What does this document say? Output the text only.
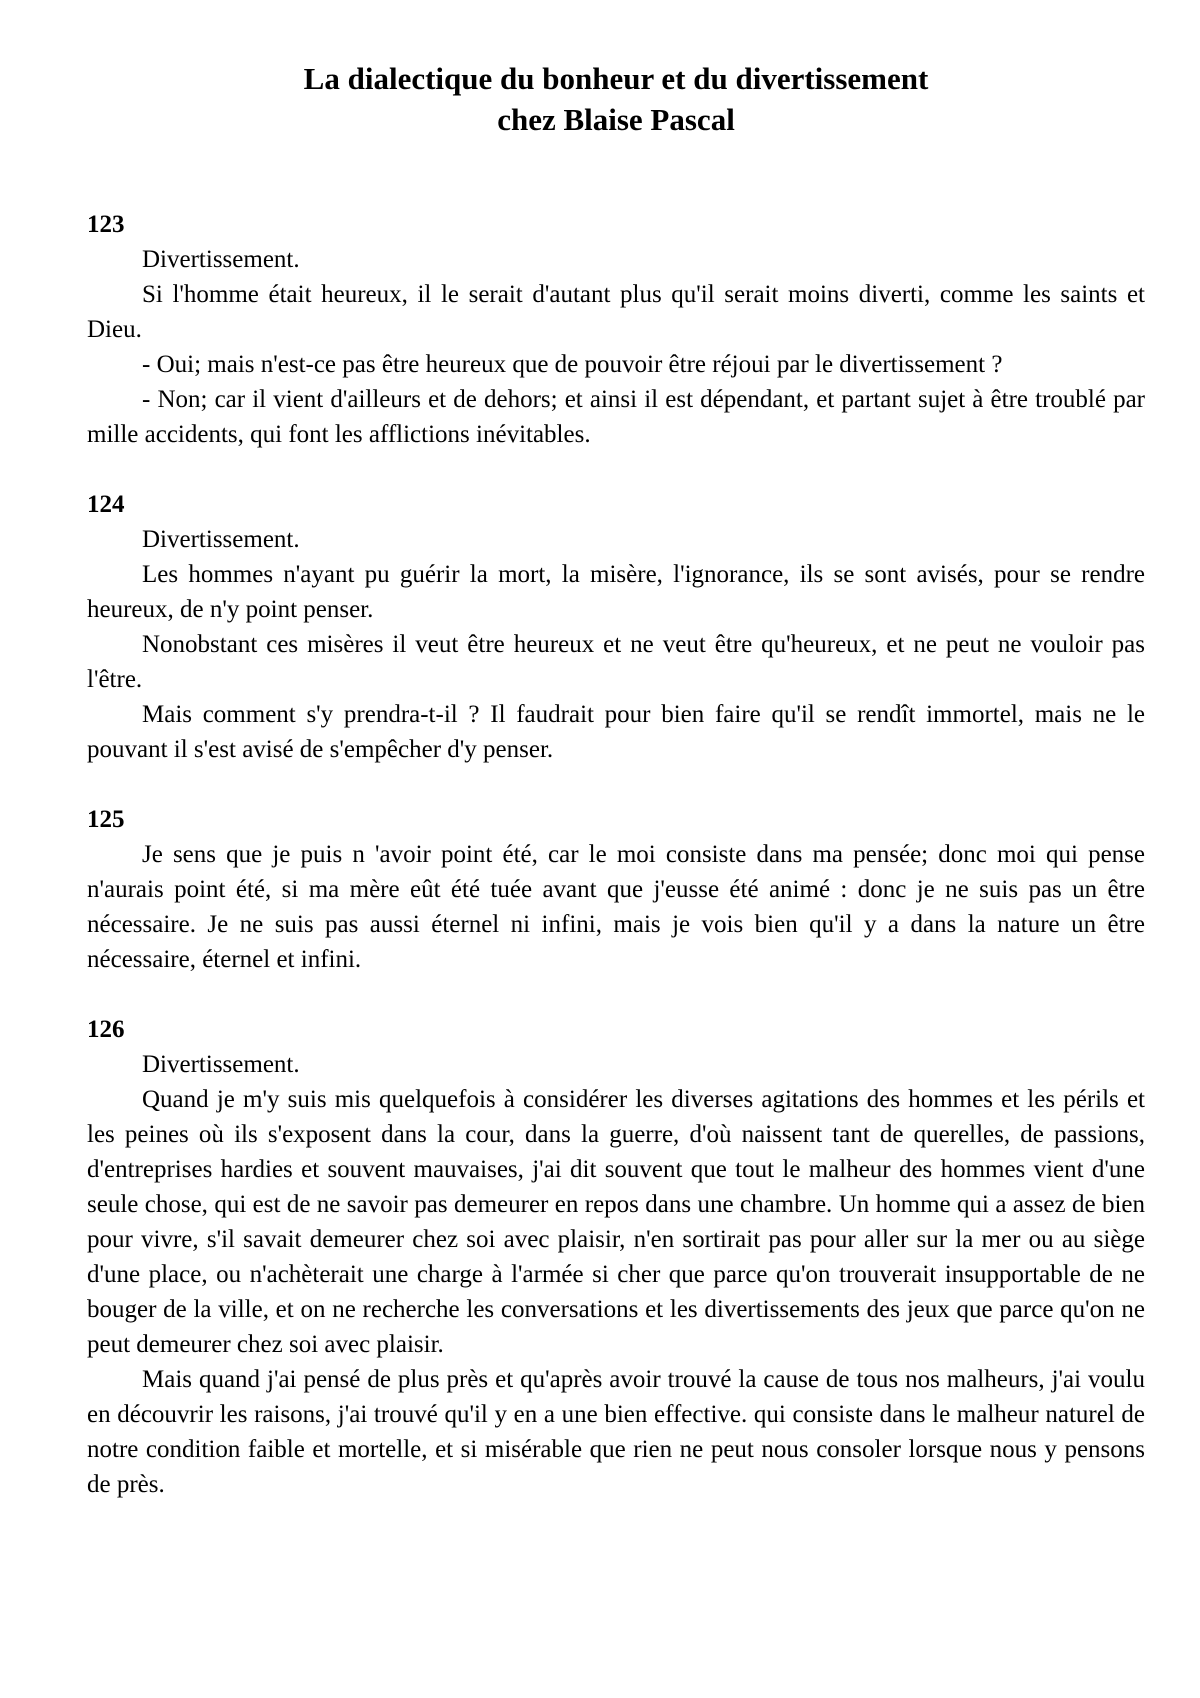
La dialectique du bonheur et du divertissement
chez Blaise Pascal

123

Divertissement.

Si l'homme était heureux, il le serait d'autant plus qu'il serait moins diverti, comme les saints et Dieu.

- Oui; mais n'est-ce pas être heureux que de pouvoir être réjoui par le divertissement ?

- Non; car il vient d'ailleurs et de dehors; et ainsi il est dépendant, et partant sujet à être troublé par mille accidents, qui font les afflictions inévitables.

124

Divertissement.

Les hommes n'ayant pu guérir la mort, la misère, l'ignorance, ils se sont avisés, pour se rendre heureux, de n'y point penser.

Nonobstant ces misères il veut être heureux et ne veut être qu'heureux, et ne peut ne vouloir pas l'être.

Mais comment s'y prendra-t-il ? Il faudrait pour bien faire qu'il se rendît immortel, mais ne le pouvant il s'est avisé de s'empêcher d'y penser.

125

Je sens que je puis n 'avoir point été, car le moi consiste dans ma pensée; donc moi qui pense n'aurais point été, si ma mère eût été tuée avant que j'eusse été animé : donc je ne suis pas un être nécessaire. Je ne suis pas aussi éternel ni infini, mais je vois bien qu'il y a dans la nature un être nécessaire, éternel et infini.

126

Divertissement.

Quand je m'y suis mis quelquefois à considérer les diverses agitations des hommes et les périls et les peines où ils s'exposent dans la cour, dans la guerre, d'où naissent tant de querelles, de passions, d'entreprises hardies et souvent mauvaises, j'ai dit souvent que tout le malheur des hommes vient d'une seule chose, qui est de ne savoir pas demeurer en repos dans une chambre. Un homme qui a assez de bien pour vivre, s'il savait demeurer chez soi avec plaisir, n'en sortirait pas pour aller sur la mer ou au siège d'une place, ou n'achèterait une charge à l'armée si cher que parce qu'on trouverait insupportable de ne bouger de la ville, et on ne recherche les conversations et les divertissements des jeux que parce qu'on ne peut demeurer chez soi avec plaisir.

Mais quand j'ai pensé de plus près et qu'après avoir trouvé la cause de tous nos malheurs, j'ai voulu en découvrir les raisons, j'ai trouvé qu'il y en a une bien effective. qui consiste dans le malheur naturel de notre condition faible et mortelle, et si misérable que rien ne peut nous consoler lorsque nous y pensons de près.
